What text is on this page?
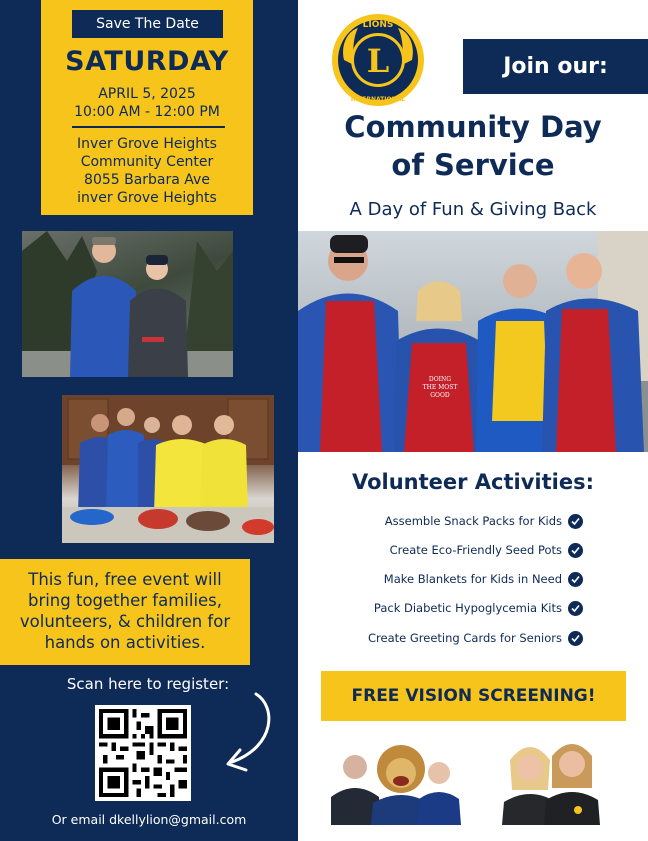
Save The Date
SATURDAY
APRIL 5, 2025
10:00 AM - 12:00 PM
Inver Grove Heights
Community Center
8055 Barbara Ave
inver Grove Heights
This fun, free event will
bring together families,
volunteers, & children for
hands on activities.
Scan here to register:
Or email dkellylion@gmail.com
LIONS
INTERNATIONAL
L	Join our:
Community Day
of Service
A Day of Fun & Giving Back
DOING
THE MOST
GOOD
Volunteer Activities:
Assemble Snack Packs for Kids
Create Eco-Friendly Seed Pots
Make Blankets for Kids in Need
Pack Diabetic Hypoglycemia Kits
Create Greeting Cards for Seniors
FREE VISION SCREENING!
